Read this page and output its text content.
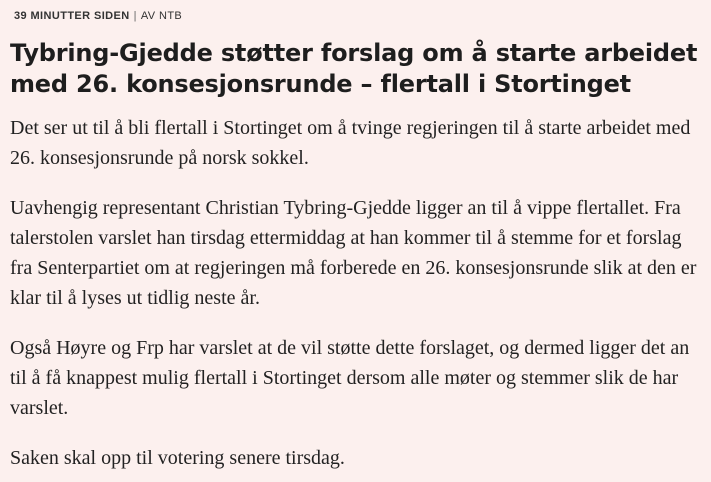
39 MINUTTER SIDEN | AV NTB
Tybring-Gjedde støtter forslag om å starte arbeidet med 26. konsesjonsrunde – flertall i Stortinget

Det ser ut til å bli flertall i Stortinget om å tvinge regjeringen til å starte arbeidet med 26. konsesjonsrunde på norsk sokkel.

Uavhengig representant Christian Tybring-Gjedde ligger an til å vippe flertallet. Fra talerstolen varslet han tirsdag ettermiddag at han kommer til å stemme for et forslag fra Senterpartiet om at regjeringen må forberede en 26. konsesjonsrunde slik at den er klar til å lyses ut tidlig neste år.

Også Høyre og Frp har varslet at de vil støtte dette forslaget, og dermed ligger det an til å få knappest mulig flertall i Stortinget dersom alle møter og stemmer slik de har varslet.

Saken skal opp til votering senere tirsdag.
